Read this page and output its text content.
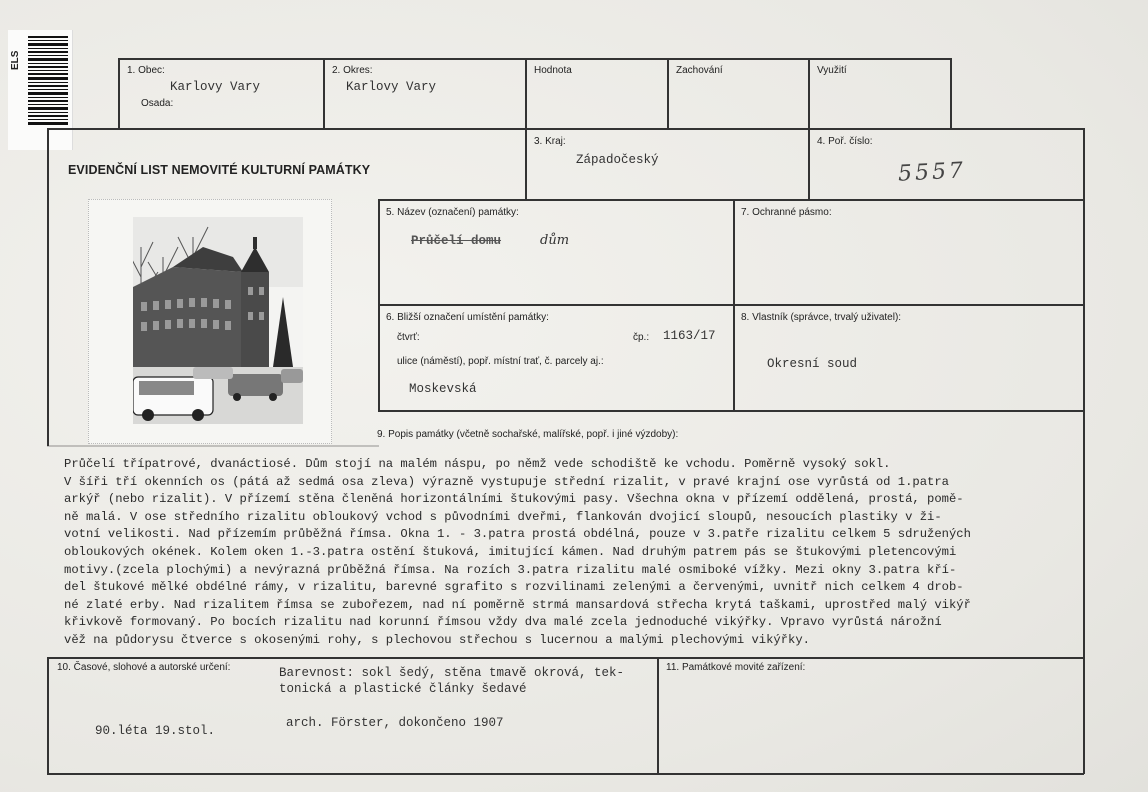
ELS
1. Obec:
Karlovy Vary
Osada:
2. Okres:
Karlovy Vary
Hodnota	Zachování	Využití
EVIDENČNÍ LIST NEMOVITÉ KULTURNÍ PAMÁTKY
3. Kraj:
Západočeský
4. Poř. číslo:
5557
5. Název (označení) památky:
Průčelí domu	dům
7. Ochranné pásmo:
6. Bližší označení umístění památky:
čtvrť:	čp.: 1163/17
ulice (náměstí), popř. místní trať, č. parcely aj.:
Moskevská
8. Vlastník (správce, trvalý uživatel):
Okresní soud
9. Popis památky (včetně sochařské, malířské, popř. i jiné výzdoby):
Průčelí třípatrové, dvanáctiosé. Dům stojí na malém náspu, po němž vede schodiště ke vchodu. Poměrně vysoký sokl.
V šíři tří okenních os (pátá až sedmá osa zleva) výrazně vystupuje střední rizalit, v pravé krajní ose vyrůstá od 1.patra
arkýř (nebo rizalit). V přízemí stěna členěná horizontálními štukovými pasy. Všechna okna v přízemí oddělená, prostá, pomě-
ně malá. V ose středního rizalitu obloukový vchod s původními dveřmi, flankován dvojicí sloupů, nesoucích plastiky v ži-
votní velikosti. Nad přízemím průběžná římsa. Okna 1. - 3.patra prostá obdélná, pouze v 3.patře rizalitu celkem 5 sdružených
obloukových okének. Kolem oken 1.-3.patra ostění štuková, imitující kámen. Nad druhým patrem pás se štukovými pletencovými
motivy.(zcela plochými) a nevýrazná průběžná římsa. Na rozích 3.patra rizalitu malé osmiboké vížky. Mezi okny 3.patra kří-
del štukové mělké obdélné rámy, v rizalitu, barevné sgrafito s rozvilinami zelenými a červenými, uvnitř nich celkem 4 drob-
né zlaté erby. Nad rizalitem římsa se zubořezem, nad ní poměrně strmá mansardová střecha krytá taškami, uprostřed malý vikýř
křivkově formovaný. Po bocích rizalitu nad korunní římsou vždy dva malé zcela jednoduché vikýřky. Vpravo vyrůstá nárožní
věž na půdorysu čtverce s okosenými rohy, s plechovou střechou s lucernou a malými plechovými vikýřky.
10. Časové, slohové a autorské určení:	Barevnost: sokl šedý, stěna tmavě okrová, tek-
tonická a plastické články šedavé
arch. Förster, dokončeno 1907
90.léta 19.stol.
11. Památkové movité zařízení:
